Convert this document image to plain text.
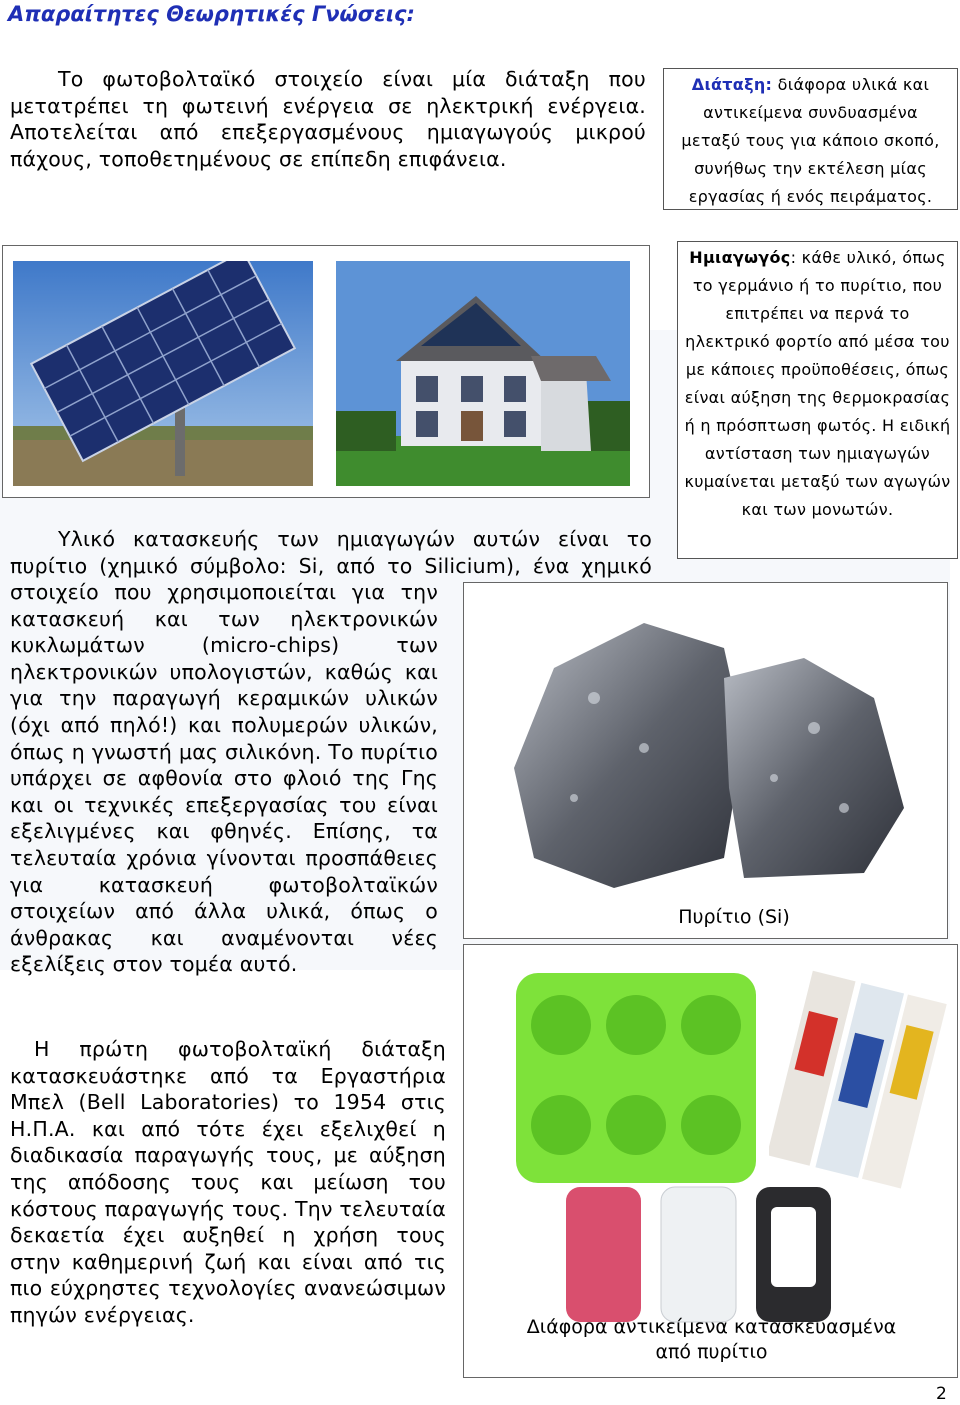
Απαραίτητες Θεωρητικές Γνώσεις:

Το φωτοβολταϊκό στοιχείο είναι μία διάταξη που μετατρέπει τη φωτεινή ενέργεια σε ηλεκτρική ενέργεια. Αποτελείται από επεξεργασμένους ημιαγωγούς μικρού πάχους, τοποθετημένους σε επίπεδη επιφάνεια.

Διάταξη: διάφορα υλικά και αντικείμενα συνδυασμένα μεταξύ τους για κάποιο σκοπό, συνήθως την εκτέλεση μίας εργασίας ή ενός πειράματος.
Ημιαγωγός: κάθε υλικό, όπως το γερμάνιο ή το πυρίτιο, που επιτρέπει να περνά το ηλεκτρικό φορτίο από μέσα του με κάποιες προϋποθέσεις, όπως είναι αύξηση της θερμοκρασίας ή η πρόσπτωση φωτός. Η ειδική αντίσταση των ημιαγωγών κυμαίνεται μεταξύ των αγωγών και των μονωτών.

Υλικό κατασκευής των ημιαγωγών αυτών είναι το

πυρίτιο (χημικό σύμβολο: Si, από το Silicium), ένα χημικό

στοιχείο που χρησιμοποιείται για την κατασκευή και των ηλεκτρονικών κυκλωμάτων (micro-chips) των ηλεκτρονικών υπολογιστών, καθώς και για την παραγωγή κεραμικών υλικών (όχι από πηλό!) και πολυμερών υλικών, όπως η γνωστή μας σιλικόνη. Το πυρίτιο υπάρχει σε αφθονία στο φλοιό της Γης και οι τεχνικές επεξεργασίας του είναι εξελιγμένες και φθηνές. Επίσης, τα τελευταία χρόνια γίνονται προσπάθειες για κατασκευή φωτοβολταϊκών στοιχείων από άλλα υλικά, όπως ο άνθρακας και αναμένονται νέες εξελίξεις στον τομέα αυτό.

Η πρώτη φωτοβολταϊκή διάταξη κατασκευάστηκε από τα Εργαστήρια Μπελ (Bell Laboratories) το 1954 στις Η.Π.Α. και από τότε έχει εξελιχθεί η διαδικασία παραγωγής τους, με αύξηση της απόδοσης τους και μείωση του κόστους παραγωγής τους. Την τελευταία δεκαετία έχει αυξηθεί η χρήση τους στην καθημερινή ζωή και είναι από τις πιο εύχρηστες τεχνολογίες ανανεώσιμων πηγών ενέργειας.

Πυρίτιο (Si)
Διάφορα αντικείμενα κατασκευασμένα από πυρίτιο
2
